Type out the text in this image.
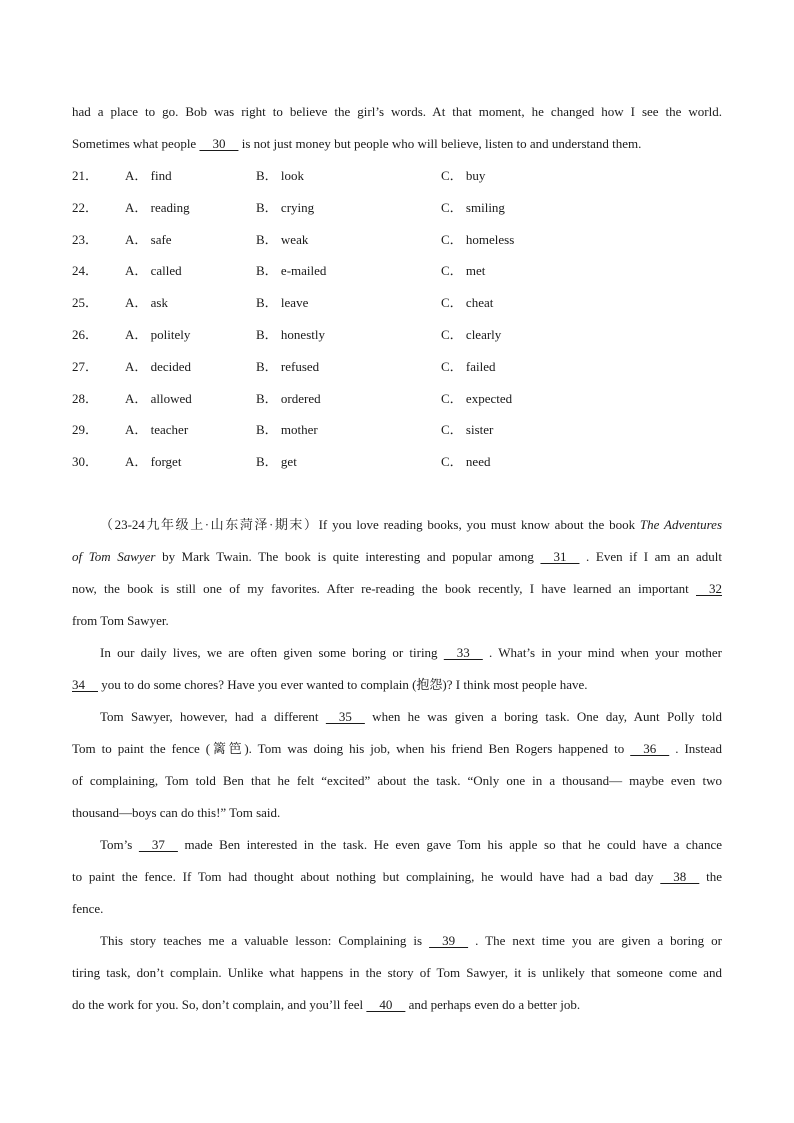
had a place to go. Bob was right to believe the girl’s words. At that moment, he changed how I see the world.
Sometimes what people     30     is not just money but people who will believe, listen to and understand them.
21． A． find	B． look	C． buy
22． A． reading	B． crying	C． smiling
23． A． safe	B． weak	C． homeless
24． A． called	B． e-mailed	C． met
25． A． ask	B． leave	C． cheat
26． A． politely	B． honestly	C． clearly
27． A． decided	B． refused	C． failed
28． A． allowed	B． ordered	C． expected
29． A． teacher	B． mother	C． sister
30． A． forget	B． get	C． need
（23-24九年级上·山东菏泽·期末）If you love reading books, you must know about the book The Adventures
of Tom Sawyer by Mark Twain. The book is quite interesting and popular among     31     . Even if I am an adult
now, the book is still one of my favorites. After re-reading the book recently, I have learned an important     32
from Tom Sawyer.
In our daily lives, we are often given some boring or tiring     33     . What’s in your mind when your mother
34     you to do some chores? Have you ever wanted to complain (抱怨)? I think most people have.
Tom Sawyer, however, had a different     35     when he was given a boring task. One day, Aunt Polly told
Tom to paint the fence (篱笆). Tom was doing his job, when his friend Ben Rogers happened to     36     . Instead
of complaining, Tom told Ben that he felt “excited” about the task. “Only one in a thousand— maybe even two
thousand—boys can do this!” Tom said.
Tom’s     37     made Ben interested in the task. He even gave Tom his apple so that he could have a chance
to paint the fence. If Tom had thought about nothing but complaining, he would have had a bad day     38     the
fence.
This story teaches me a valuable lesson: Complaining is     39     . The next time you are given a boring or
tiring task, don’t complain. Unlike what happens in the story of Tom Sawyer, it is unlikely that someone come and
do the work for you. So, don’t complain, and you’ll feel     40     and perhaps even do a better job.
